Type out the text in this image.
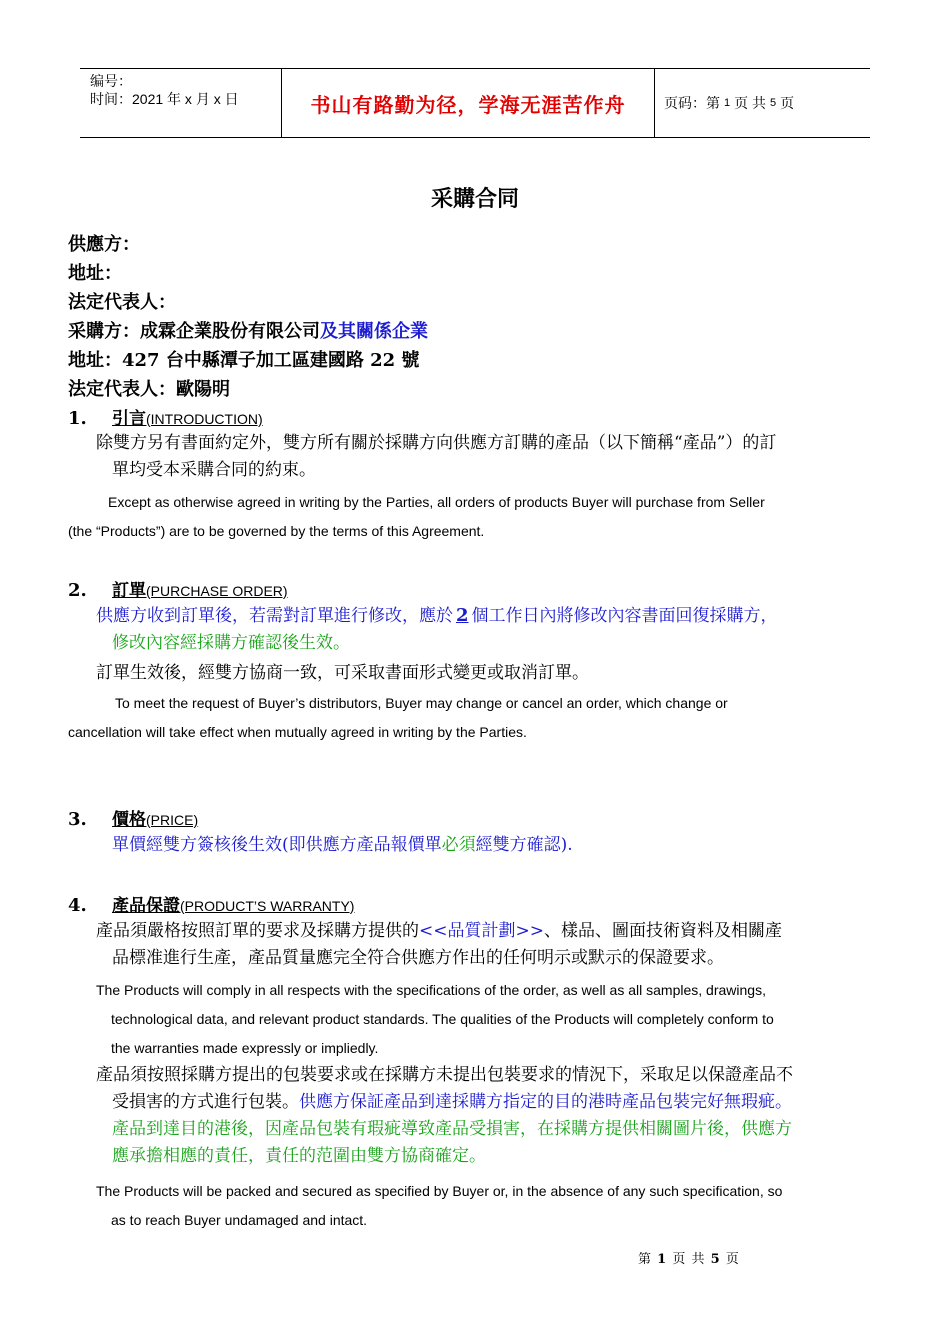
编号：
时间：2021 年 x 月 x 日	书山有路勤为径，学海无涯苦作舟	页码：第 1 页 共 5 页
采購合同
供應方：
地址：
法定代表人：
采購方：成霖企業股份有限公司及其關係企業
地址：427 台中縣潭子加工區建國路 22 號
法定代表人：歐陽明
1. 引言(INTRODUCTION)
除雙方另有書面約定外，雙方所有關於採購方向供應方訂購的產品（以下簡稱“產品”）的訂
單均受本采購合同的約束。
Except as otherwise agreed in writing by the Parties, all orders of products Buyer will purchase from Seller
(the “Products”) are to be governed by the terms of this Agreement.
2. 訂單(PURCHASE ORDER)
供應方收到訂單後，若需對訂單進行修改，應於 2 個工作日內將修改內容書面回復採購方，
修改內容經採購方確認後生效。
訂單生效後，經雙方協商一致，可采取書面形式變更或取消訂單。
To meet the request of Buyer’s distributors, Buyer may change or cancel an order, which change or
cancellation will take effect when mutually agreed in writing by the Parties.
3. 價格(PRICE)
單價經雙方簽核後生效(即供應方產品報價單必須經雙方確認).
4. 產品保證(PRODUCT’S WARRANTY)
產品須嚴格按照訂單的要求及採購方提供的<<品質計劃>>、樣品、圖面技術資料及相關產
品標准進行生產，產品質量應完全符合供應方作出的任何明示或默示的保證要求。
The Products will comply in all respects with the specifications of the order, as well as all samples, drawings,
technological data, and relevant product standards. The qualities of the Products will completely conform to
the warranties made expressly or impliedly.
產品須按照採購方提出的包裝要求或在採購方未提出包裝要求的情況下，采取足以保證產品不
受損害的方式進行包裝。供應方保証產品到達採購方指定的目的港時產品包裝完好無瑕疵。
產品到達目的港後，因產品包裝有瑕疵導致產品受損害，在採購方提供相關圖片後，供應方
應承擔相應的責任，責任的范圍由雙方協商確定。
The Products will be packed and secured as specified by Buyer or, in the absence of any such specification, so
as to reach Buyer undamaged and intact.
第 1 页 共 5 页
